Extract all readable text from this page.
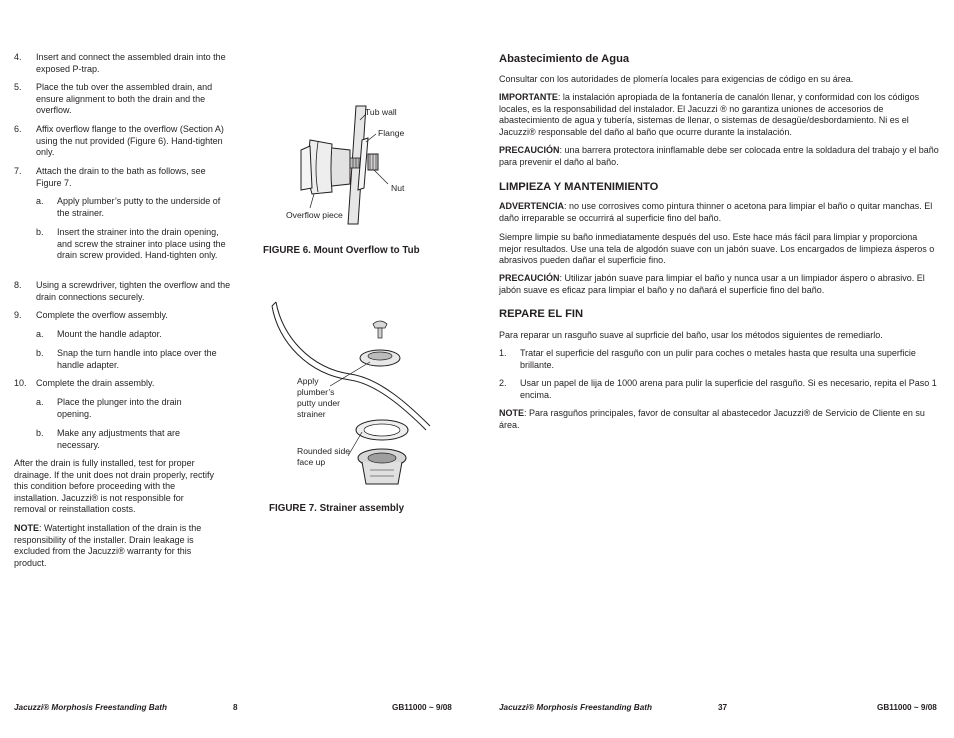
4. Insert and connect the assembled drain into the exposed P-trap.
5. Place the tub over the assembled drain, and ensure alignment to both the drain and the overflow.
6. Affix overflow flange to the overflow (Section A) using the nut provided (Figure 6). Hand-tighten only.
7. Attach the drain to the bath as follows, see Figure 7.
a. Apply plumber’s putty to the underside of the strainer.
b. Insert the strainer into the drain opening, and screw the strainer into place using the drain screw provided. Hand-tighten only.
8. Using a screwdriver, tighten the overflow and the drain connections securely.
9. Complete the overflow assembly.
a. Mount the handle adaptor.
b. Snap the turn handle into place over the handle adapter.
10. Complete the drain assembly.
a. Place the plunger into the drain opening.
b. Make any adjustments that are necessary.
After the drain is fully installed, test for proper drainage. If the unit does not drain properly, rectify this condition before proceeding with the installation. Jacuzzi® is not responsible for removal or reinstallation costs.
NOTE: Watertight installation of the drain is the responsibility of the installer. Drain leakage is excluded from the Jacuzzi® warranty for this product.
Tub wall
Flange
Nut
Overflow piece
FIGURE 6. Mount Overflow to Tub
Apply plumber’s putty under strainer
Rounded side face up
FIGURE 7. Strainer assembly
Abastecimiento de Agua
Consultar con los autoridades de plomería locales para exigencias de código en su área.
IMPORTANTE: la instalación apropiada de la fontanería de canalón llenar, y conformidad con los códigos locales, es la responsabilidad del instalador. El Jacuzzi ® no garantiza uniones de accesorios de abastecimiento de agua y tubería, sistemas de llenar, o sistemas de desagüe/desbordamiento. Ni es el Jacuzzi® responsable del daño al baño que ocurre durante la instalación.
PRECAUCIÓN: una barrera protectora ininflamable debe ser colocada entre la soldadura del trabajo y el baño para prevenir el daño al baño.
LIMPIEZA Y MANTENIMIENTO
ADVERTENCIA: no use corrosives como pintura thinner o acetona para limpiar el baño o quitar manchas. El daño irreparable se occurrirá al superficie fino del baño.
Siempre limpie su baño inmediatamente después del uso. Este hace más fácil para limpiar y proporciona mejor resultados. Use una tela de algodón suave con un jabón suave. Los encargados de limpieza ásperos o abrasivos pueden dañar el superficie fino.
PRECAUCIÓN: Utilizar jabón suave para limpiar el baño y nunca usar a un limpiador áspero o abrasivo. El jabón suave es eficaz para limpiar el baño y no dañará el superficie fino del baño.
REPARE EL FIN
Para reparar un rasguño suave al suprficie del baño, usar los métodos siguientes de remediarlo.
1. Tratar el superficie del rasguño con un pulir para coches o metales hasta que resulta una superficie brillante.
2. Usar un papel de lija de 1000 arena para pulir la superficie del rasguño. Si es necesario, repita el Paso 1 encima.
NOTE: Para rasguños principales, favor de consultar al abastecedor Jacuzzi® de Servicio de Cliente en su área.
Jacuzzi® Morphosis Freestanding Bath	8	GB11000 ~ 9/08	Jacuzzi® Morphosis Freestanding Bath	37	GB11000 ~ 9/08
